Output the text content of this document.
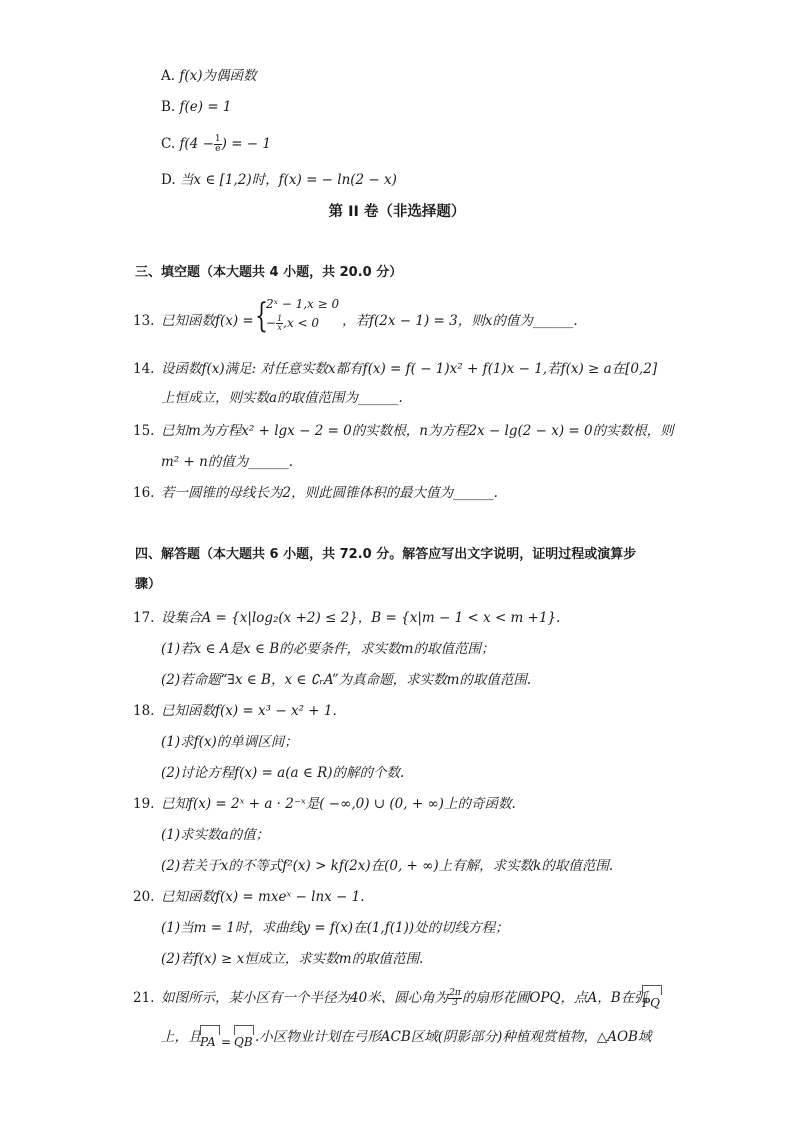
A. f(x)为偶函数
B. f(e) = 1
C. $f(4 - \frac{1}{e}$ ) = − 1
D. 当x ∈ [1,2)时，f(x) = − ln(2 − x)
第 II 卷（非选择题）
三、填空题（本大题共 4 小题，共 20.0 分）
13. 已知函数f(x) = {
2ˣ − 1,x ≥ 0
− $\frac{1}{x} ,x < 0$ ，若f(2x − 1) = 3，则x的值为______.
14. 设函数f(x)满足: 对任意实数x都有f(x) = f( − 1)x² + f(1)x − 1,若f(x) ≥ a在[0,2]
上恒成立，则实数a的取值范围为______.
15. 已知m为方程x² + lgx − 2 = 0的实数根，n为方程2x − lg(2 − x) = 0的实数根，则
m² + n的值为______.
16. 若一圆锥的母线长为2，则此圆锥体积的最大值为______.
四、解答题（本大题共 6 小题，共 72.0 分。解答应写出文字说明，证明过程或演算步
骤）
17. 设集合A = {x|log₂(x +2) ≤ 2}，B = {x|m − 1 < x < m +1}.
(1)若x ∈ A是x ∈ B的必要条件，求实数m的取值范围；
(2)若命题“∃x ∈ B，x ∈ ∁ᵣA”为真命题，求实数m的取值范围.
18. 已知函数f(x) = x³ − x² + 1.
(1)求f(x)的单调区间；
(2)讨论方程f(x) = a(a ∈ R)的解的个数.
19. 已知f(x) = 2ˣ + a · 2⁻ˣ是( −∞,0) ∪ (0, + ∞)上的奇函数.
(1)求实数a的值；
(2)若关于x的不等式f²(x) > kf(2x)在(0, + ∞)上有解，求实数k的取值范围.
20. 已知函数f(x) = mxeˣ − lnx − 1.
(1)当m = 1时，求曲线y = f(x)在(1,f(1))处的切线方程；
(2)若f(x) ≥ x恒成立，求实数m的取值范围.
21. 如图所示，某小区有一个半径为40米、圆心角为 $\frac{2\pi}{3}$ 的扇形花圃OPQ，点A，B在弧
PQ
上，且
PA = QB .小区物业计划在弓形ACB区域(阴影部分)种植观赏植物，△AOB域
